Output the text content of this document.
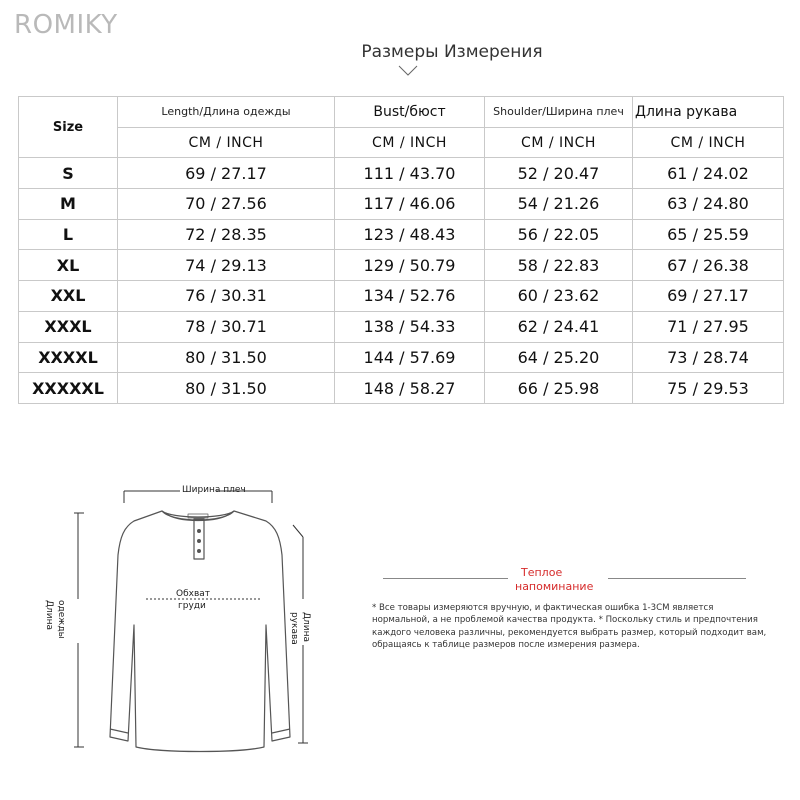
ROMIKY
Размеры Измерения
Size	Length/Длина одежды	Bust/бюст	Shoulder/Ширина плеч	Длина рукава
	CM / INCH	CM / INCH	CM / INCH	CM / INCH
S	69 / 27.17	111 / 43.70	52 / 20.47	61 / 24.02
M	70 / 27.56	117 / 46.06	54 / 21.26	63 / 24.80
L	72 / 28.35	123 / 48.43	56 / 22.05	65 / 25.59
XL	74 / 29.13	129 / 50.79	58 / 22.83	67 / 26.38
XXL	76 / 30.31	134 / 52.76	60 / 23.62	69 / 27.17
XXXL	78 / 30.71	138 / 54.33	62 / 24.41	71 / 27.95
XXXXL	80 / 31.50	144 / 57.69	64 / 25.20	73 / 28.74
XXXXXL	80 / 31.50	148 / 58.27	66 / 25.98	75 / 29.53
Ширина плеч
Обхват
груди
Длина одежды	Длина
рукава
Теплое
напоминание
* Все товары измеряются вручную, и фактическая ошибка 1-3CM является нормальной, а не проблемой качества продукта. * Поскольку стиль и предпочтения каждого человека различны, рекомендуется выбрать размер, который подходит вам, обращаясь к таблице размеров после измерения размера.
